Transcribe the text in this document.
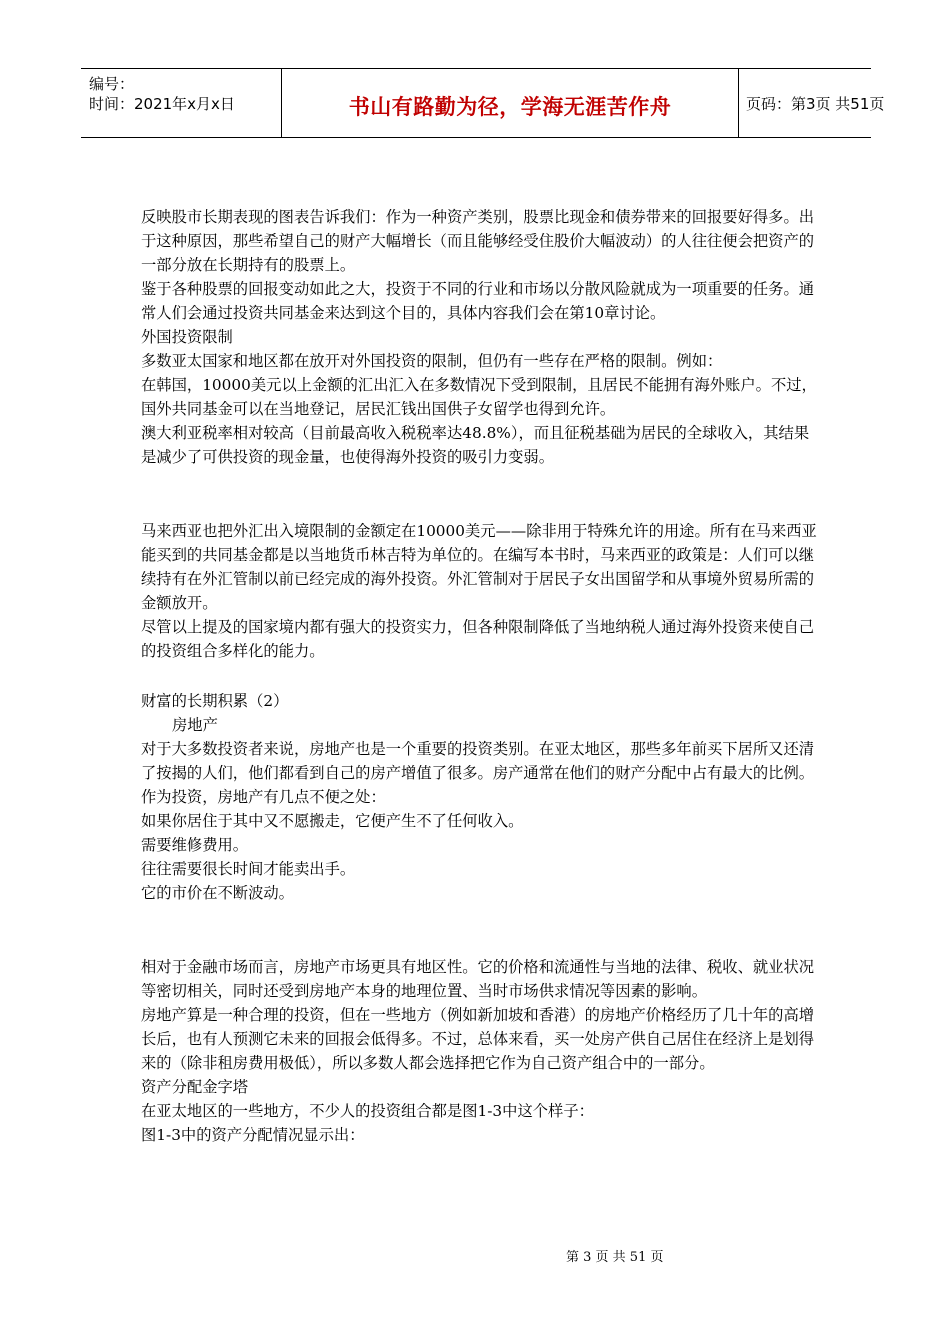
编号：
时间：2021年x月x日	书山有路勤为径，学海无涯苦作舟	页码：第3页 共51页

反映股市长期表现的图表告诉我们：作为一种资产类别，股票比现金和债券带来的回报要好得多。出于这种原因，那些希望自己的财产大幅增长（而且能够经受住股价大幅波动）的人往往便会把资产的一部分放在长期持有的股票上。

鉴于各种股票的回报变动如此之大，投资于不同的行业和市场以分散风险就成为一项重要的任务。通常人们会通过投资共同基金来达到这个目的，具体内容我们会在第10章讨论。

外国投资限制

多数亚太国家和地区都在放开对外国投资的限制，但仍有一些存在严格的限制。例如：

在韩国，10000美元以上金额的汇出汇入在多数情况下受到限制，且居民不能拥有海外账户。不过，国外共同基金可以在当地登记，居民汇钱出国供子女留学也得到允许。

澳大利亚税率相对较高（目前最高收入税税率达48.8%），而且征税基础为居民的全球收入，其结果是减少了可供投资的现金量，也使得海外投资的吸引力变弱。

马来西亚也把外汇出入境限制的金额定在10000美元——除非用于特殊允许的用途。所有在马来西亚能买到的共同基金都是以当地货币林吉特为单位的。在编写本书时，马来西亚的政策是：人们可以继续持有在外汇管制以前已经完成的海外投资。外汇管制对于居民子女出国留学和从事境外贸易所需的金额放开。

尽管以上提及的国家境内都有强大的投资实力，但各种限制降低了当地纳税人通过海外投资来使自己的投资组合多样化的能力。

财富的长期积累（2）

房地产

对于大多数投资者来说，房地产也是一个重要的投资类别。在亚太地区，那些多年前买下居所又还清了按揭的人们，他们都看到自己的房产增值了很多。房产通常在他们的财产分配中占有最大的比例。

作为投资，房地产有几点不便之处：

如果你居住于其中又不愿搬走，它便产生不了任何收入。

需要维修费用。

往往需要很长时间才能卖出手。

它的市价在不断波动。

相对于金融市场而言，房地产市场更具有地区性。它的价格和流通性与当地的法律、税收、就业状况等密切相关，同时还受到房地产本身的地理位置、当时市场供求情况等因素的影响。

房地产算是一种合理的投资，但在一些地方（例如新加坡和香港）的房地产价格经历了几十年的高增长后，也有人预测它未来的回报会低得多。不过，总体来看，买一处房产供自己居住在经济上是划得来的（除非租房费用极低），所以多数人都会选择把它作为自己资产组合中的一部分。

资产分配金字塔

在亚太地区的一些地方，不少人的投资组合都是图1-3中这个样子：

图1-3中的资产分配情况显示出：

第 3 页 共 51 页
